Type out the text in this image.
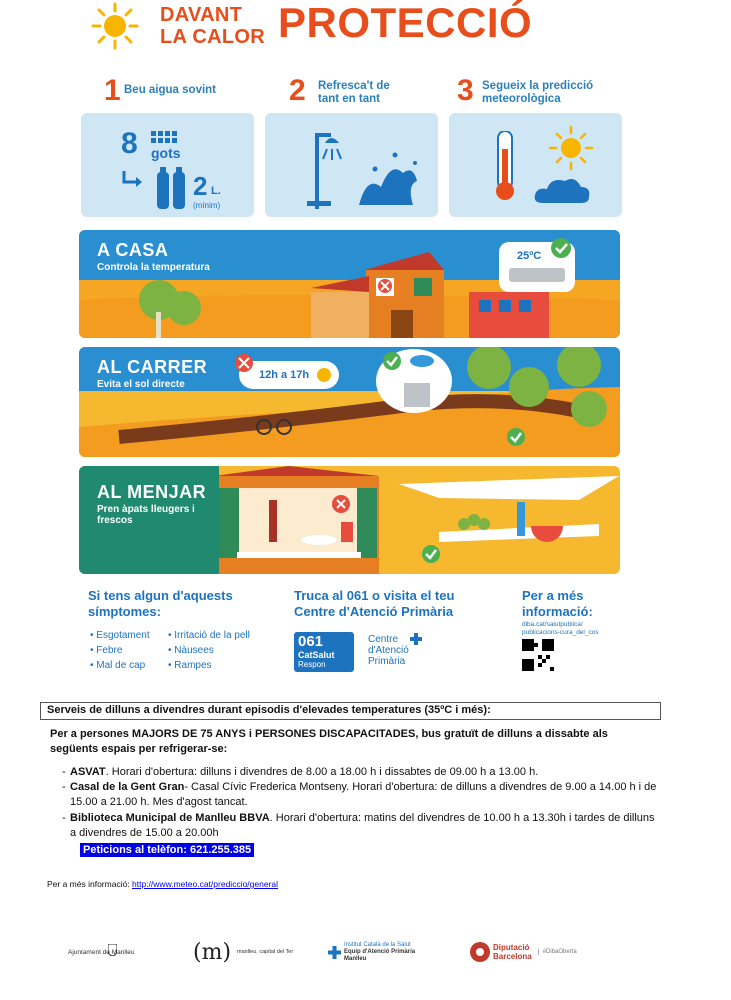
DAVANT
LA CALOR PROTECCIÓ
1 Beu aigua sovint	2 Refresca't de tant en tant	3 Segueix la predicció meteorològica
8 gots
2 L.
(mínim)
A CASA
Controla la temperatura
25ºC
AL CARRER
Evita el sol directe
12h a 17h
AL MENJAR
Pren àpats lleugers i frescos
Si tens algun d'aquests símptomes:
• Esgotament
• Febre
• Mal de cap
• Irritació de la pell
• Nàusees
• Rampes
Truca al 061 o visita el teu Centre d'Atenció Primària
061
CatSalut
Respon
Centre d'Atenció Primària
Per a més informació:
diba.cat/salutpublica/ publicacions-cura_del_cos
Serveis de dilluns a divendres durant episodis d'elevades temperatures (35ºC i més):
Per a persones MAJORS DE 75 ANYS i PERSONES DISCAPACITADES, bus gratuït de dilluns a dissabte als següents espais per refrigerar-se:
- ASVAT. Horari d'obertura: dilluns i divendres de 8.00 a 18.00 h i dissabtes de 09.00 h a 13.00 h.
- Casal de la Gent Gran- Casal Cívic Frederica Montseny. Horari d'obertura: de dilluns a divendres de 9.00 a 14.00 h i de 15.00 a 21.00 h. Mes d'agost tancat.
- Biblioteca Municipal de Manlleu BBVA. Horari d'obertura: matins del divendres de 10.00 h a 13.30h i tardes de dilluns a divendres de 15.00 a 20.00h
Peticions al telèfon: 621.255.385
Per a més informació: http://www.meteo.cat/prediccio/general
Ajuntament de Manlleu	(m) manlleu, capital del Ter
Institut Català de la Salut
Equip d'Atenció Primària
Manlleu
Diputació
Barcelona	#DibaOberta
